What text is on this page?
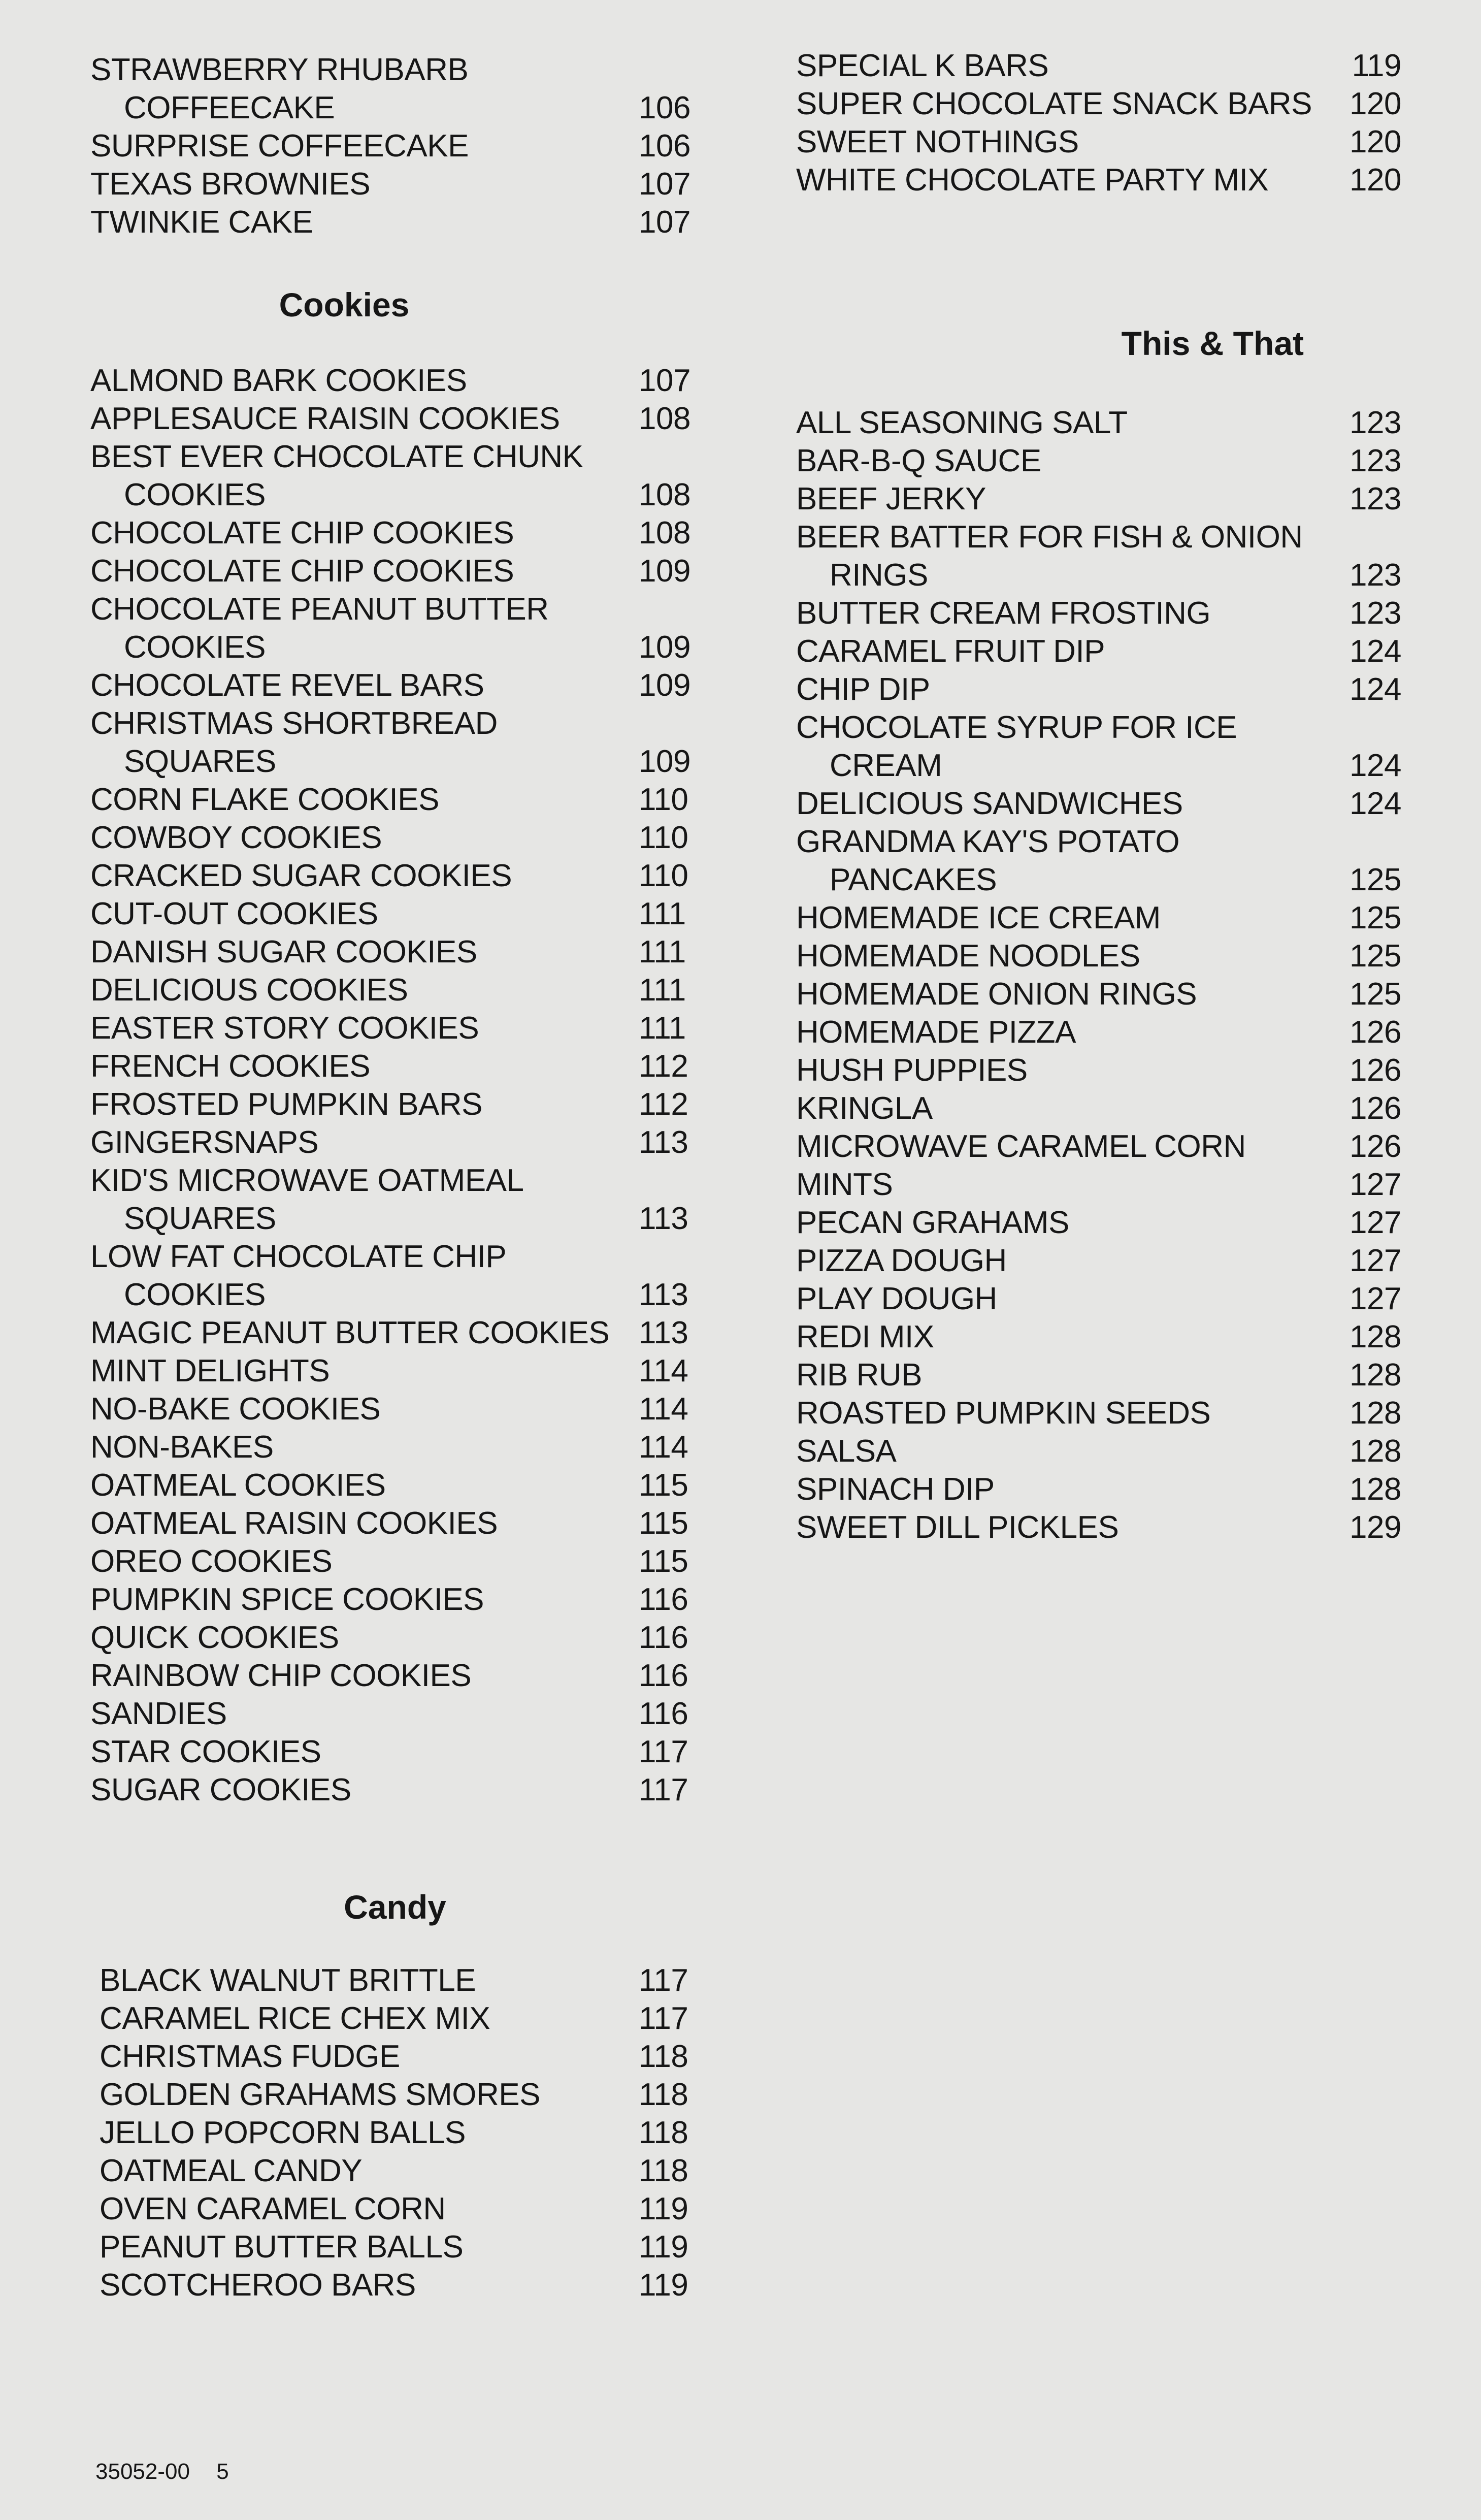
STRAWBERRY RHUBARB COFFEECAKE	106
SURPRISE COFFEECAKE	106
TEXAS BROWNIES	107
TWINKIE CAKE	107
Cookies
ALMOND BARK COOKIES	107
APPLESAUCE RAISIN COOKIES	108
BEST EVER CHOCOLATE CHUNK COOKIES	108
CHOCOLATE CHIP COOKIES	108
CHOCOLATE CHIP COOKIES	109
CHOCOLATE PEANUT BUTTER COOKIES	109
CHOCOLATE REVEL BARS	109
CHRISTMAS SHORTBREAD SQUARES	109
CORN FLAKE COOKIES	110
COWBOY COOKIES	110
CRACKED SUGAR COOKIES	110
CUT-OUT COOKIES	111
DANISH SUGAR COOKIES	111
DELICIOUS COOKIES	111
EASTER STORY COOKIES	111
FRENCH COOKIES	112
FROSTED PUMPKIN BARS	112
GINGERSNAPS	113
KID'S MICROWAVE OATMEAL SQUARES	113
LOW FAT CHOCOLATE CHIP COOKIES	113
MAGIC PEANUT BUTTER COOKIES 113
MINT DELIGHTS	114
NO-BAKE COOKIES	114
NON-BAKES	114
OATMEAL COOKIES	115
OATMEAL RAISIN COOKIES	115
OREO COOKIES	115
PUMPKIN SPICE COOKIES	116
QUICK COOKIES	116
RAINBOW CHIP COOKIES	116
SANDIES	116
STAR COOKIES	117
SUGAR COOKIES	117
Candy
BLACK WALNUT BRITTLE	117
CARAMEL RICE CHEX MIX	117
CHRISTMAS FUDGE	118
GOLDEN GRAHAMS SMORES	118
JELLO POPCORN BALLS	118
OATMEAL CANDY	118
OVEN CARAMEL CORN	119
PEANUT BUTTER BALLS	119
SCOTCHEROO BARS	119
SPECIAL K BARS	119
SUPER CHOCOLATE SNACK BARS	120
SWEET NOTHINGS	120
WHITE CHOCOLATE PARTY MIX	120
This & That
ALL SEASONING SALT	123
BAR-B-Q SAUCE	123
BEEF JERKY	123
BEER BATTER FOR FISH & ONION RINGS	123
BUTTER CREAM FROSTING	123
CARAMEL FRUIT DIP	124
CHIP DIP	124
CHOCOLATE SYRUP FOR ICE CREAM	124
DELICIOUS SANDWICHES	124
GRANDMA KAY'S POTATO PANCAKES	125
HOMEMADE ICE CREAM	125
HOMEMADE NOODLES	125
HOMEMADE ONION RINGS	125
HOMEMADE PIZZA	126
HUSH PUPPIES	126
KRINGLA	126
MICROWAVE CARAMEL CORN	126
MINTS	127
PECAN GRAHAMS	127
PIZZA DOUGH	127
PLAY DOUGH	127
REDI MIX	128
RIB RUB	128
ROASTED PUMPKIN SEEDS	128
SALSA	128
SPINACH DIP	128
SWEET DILL PICKLES	129
35052-00 5
